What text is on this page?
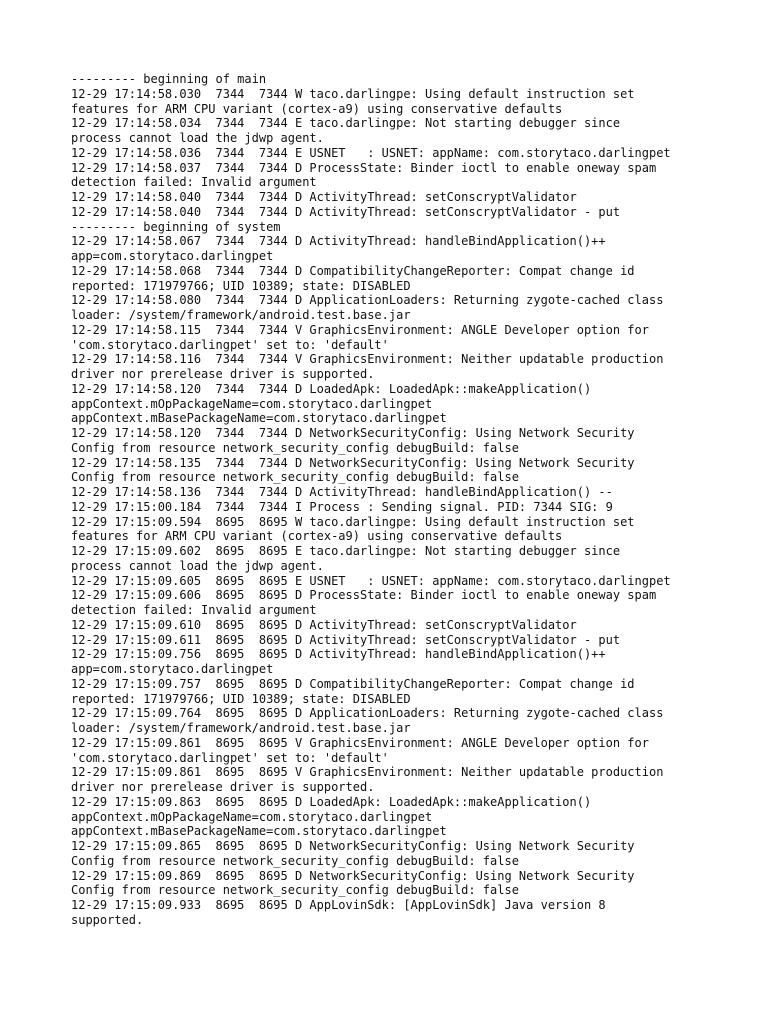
--------- beginning of main
12-29 17:14:58.030  7344  7344 W taco.darlingpe: Using default instruction set
features for ARM CPU variant (cortex-a9) using conservative defaults
12-29 17:14:58.034  7344  7344 E taco.darlingpe: Not starting debugger since
process cannot load the jdwp agent.
12-29 17:14:58.036  7344  7344 E USNET   : USNET: appName: com.storytaco.darlingpet
12-29 17:14:58.037  7344  7344 D ProcessState: Binder ioctl to enable oneway spam
detection failed: Invalid argument
12-29 17:14:58.040  7344  7344 D ActivityThread: setConscryptValidator
12-29 17:14:58.040  7344  7344 D ActivityThread: setConscryptValidator - put
--------- beginning of system
12-29 17:14:58.067  7344  7344 D ActivityThread: handleBindApplication()++
app=com.storytaco.darlingpet
12-29 17:14:58.068  7344  7344 D CompatibilityChangeReporter: Compat change id
reported: 171979766; UID 10389; state: DISABLED
12-29 17:14:58.080  7344  7344 D ApplicationLoaders: Returning zygote-cached class
loader: /system/framework/android.test.base.jar
12-29 17:14:58.115  7344  7344 V GraphicsEnvironment: ANGLE Developer option for
'com.storytaco.darlingpet' set to: 'default'
12-29 17:14:58.116  7344  7344 V GraphicsEnvironment: Neither updatable production
driver nor prerelease driver is supported.
12-29 17:14:58.120  7344  7344 D LoadedApk: LoadedApk::makeApplication()
appContext.mOpPackageName=com.storytaco.darlingpet
appContext.mBasePackageName=com.storytaco.darlingpet
12-29 17:14:58.120  7344  7344 D NetworkSecurityConfig: Using Network Security
Config from resource network_security_config debugBuild: false
12-29 17:14:58.135  7344  7344 D NetworkSecurityConfig: Using Network Security
Config from resource network_security_config debugBuild: false
12-29 17:14:58.136  7344  7344 D ActivityThread: handleBindApplication() --
12-29 17:15:00.184  7344  7344 I Process : Sending signal. PID: 7344 SIG: 9
12-29 17:15:09.594  8695  8695 W taco.darlingpe: Using default instruction set
features for ARM CPU variant (cortex-a9) using conservative defaults
12-29 17:15:09.602  8695  8695 E taco.darlingpe: Not starting debugger since
process cannot load the jdwp agent.
12-29 17:15:09.605  8695  8695 E USNET   : USNET: appName: com.storytaco.darlingpet
12-29 17:15:09.606  8695  8695 D ProcessState: Binder ioctl to enable oneway spam
detection failed: Invalid argument
12-29 17:15:09.610  8695  8695 D ActivityThread: setConscryptValidator
12-29 17:15:09.611  8695  8695 D ActivityThread: setConscryptValidator - put
12-29 17:15:09.756  8695  8695 D ActivityThread: handleBindApplication()++
app=com.storytaco.darlingpet
12-29 17:15:09.757  8695  8695 D CompatibilityChangeReporter: Compat change id
reported: 171979766; UID 10389; state: DISABLED
12-29 17:15:09.764  8695  8695 D ApplicationLoaders: Returning zygote-cached class
loader: /system/framework/android.test.base.jar
12-29 17:15:09.861  8695  8695 V GraphicsEnvironment: ANGLE Developer option for
'com.storytaco.darlingpet' set to: 'default'
12-29 17:15:09.861  8695  8695 V GraphicsEnvironment: Neither updatable production
driver nor prerelease driver is supported.
12-29 17:15:09.863  8695  8695 D LoadedApk: LoadedApk::makeApplication()
appContext.mOpPackageName=com.storytaco.darlingpet
appContext.mBasePackageName=com.storytaco.darlingpet
12-29 17:15:09.865  8695  8695 D NetworkSecurityConfig: Using Network Security
Config from resource network_security_config debugBuild: false
12-29 17:15:09.869  8695  8695 D NetworkSecurityConfig: Using Network Security
Config from resource network_security_config debugBuild: false
12-29 17:15:09.933  8695  8695 D AppLovinSdk: [AppLovinSdk] Java version 8
supported.
